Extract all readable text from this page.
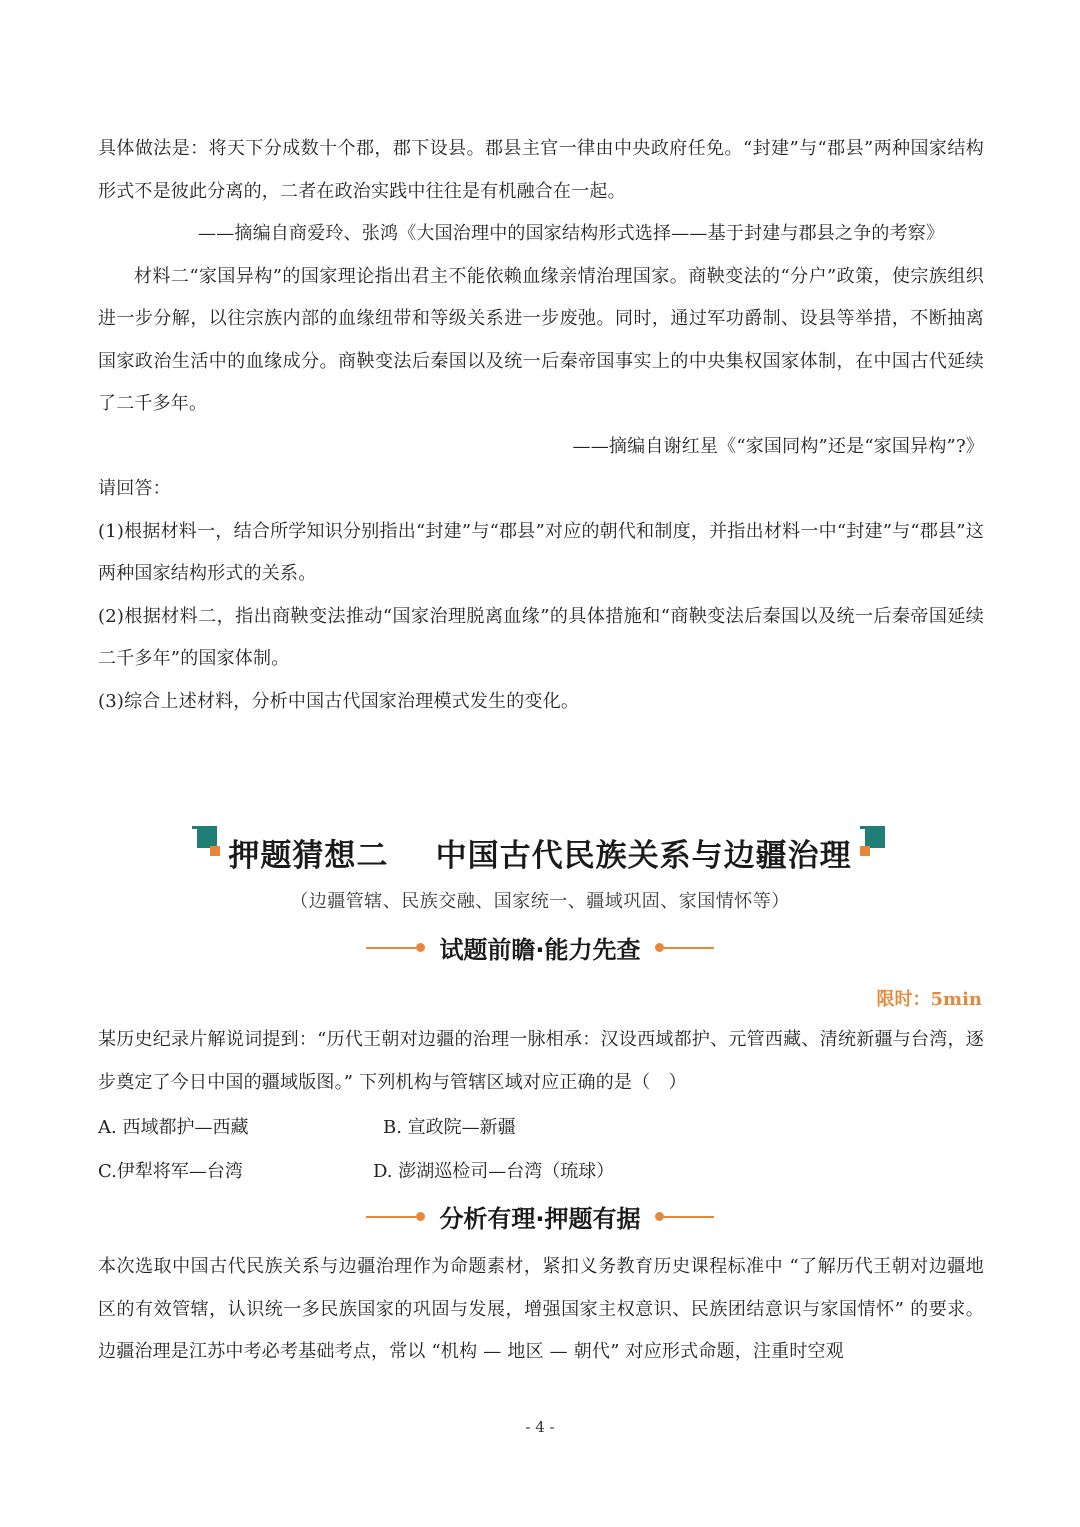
具体做法是：将天下分成数十个郡，郡下设县。郡县主官一律由中央政府任免。“封建”与“郡县”两种国家结构形式不是彼此分离的，二者在政治实践中往往是有机融合在一起。

——摘编自商爱玲、张鸿《大国治理中的国家结构形式选择——基于封建与郡县之争的考察》

材料二“家国异构”的国家理论指出君主不能依赖血缘亲情治理国家。商鞅变法的“分户”政策，使宗族组织进一步分解，以往宗族内部的血缘纽带和等级关系进一步废弛。同时，通过军功爵制、设县等举措，不断抽离国家政治生活中的血缘成分。商鞅变法后秦国以及统一后秦帝国事实上的中央集权国家体制，在中国古代延续了二千多年。

——摘编自谢红星《“家国同构”还是“家国异构”?》

请回答：

(1)根据材料一，结合所学知识分别指出“封建”与“郡县”对应的朝代和制度，并指出材料一中“封建”与“郡县”这两种国家结构形式的关系。

(2)根据材料二，指出商鞅变法推动“国家治理脱离血缘”的具体措施和“商鞅变法后秦国以及统一后秦帝国延续二千多年”的国家体制。

(3)综合上述材料，分析中国古代国家治理模式发生的变化。

押题猜想二    中国古代民族关系与边疆治理
（边疆管辖、民族交融、国家统一、疆域巩固、家国情怀等）
试题前瞻·能力先查
限时：5min

某历史纪录片解说词提到：“历代王朝对边疆的治理一脉相承：汉设西域都护、元管西藏、清统新疆与台湾，逐步奠定了今日中国的疆域版图。” 下列机构与管辖区域对应正确的是（　）

A. 西域都护—西藏	B. 宣政院—新疆
C.伊犁将军—台湾	D. 澎湖巡检司—台湾（琉球）
分析有理·押题有据

本次选取中国古代民族关系与边疆治理作为命题素材，紧扣义务教育历史课程标准中 “了解历代王朝对边疆地区的有效管辖，认识统一多民族国家的巩固与发展，增强国家主权意识、民族团结意识与家国情怀” 的要求。边疆治理是江苏中考必考基础考点，常以 “机构 — 地区 — 朝代” 对应形式命题，注重时空观

- 4 -
